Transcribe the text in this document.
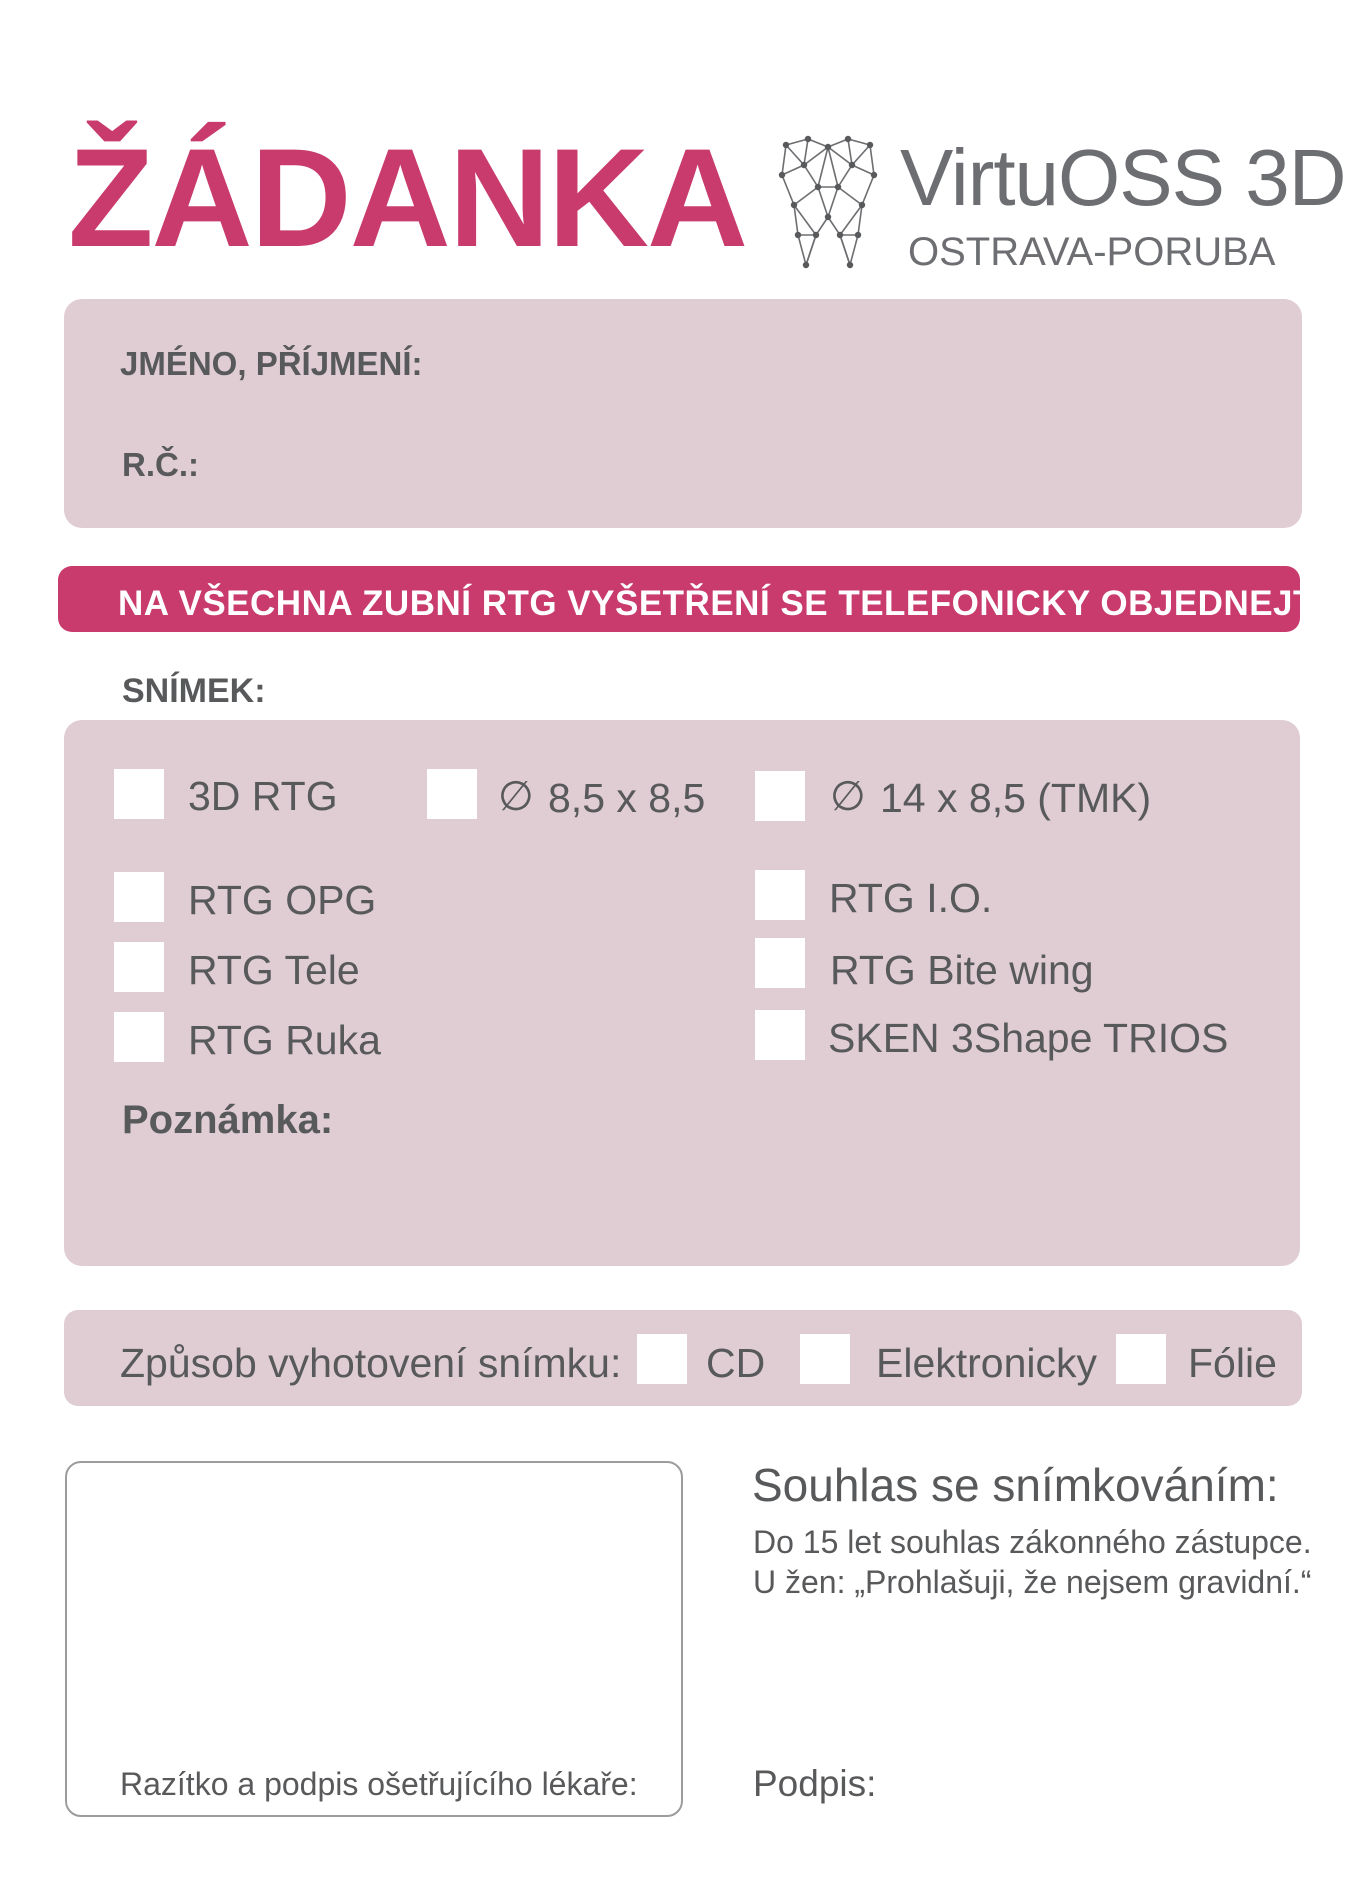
ŽÁDANKA VirtuOSS 3D
OSTRAVA-PORUBA
JMÉNO, PŘÍJMENÍ:
R.Č.:
NA VŠECHNA ZUBNÍ RTG VYŠETŘENÍ SE TELEFONICKY OBJEDNEJTE
SNÍMEK:
3D RTG	∅ 8,5 x 8,5	∅ 14 x 8,5 (TMK)
RTG OPG	RTG I.O.
RTG Tele	RTG Bite wing
RTG Ruka	SKEN 3Shape TRIOS
Poznámka:
Způsob vyhotovení snímku: CD	Elektronicky Fólie
Razítko a podpis ošetřujícího lékaře:
Souhlas se snímkováním:
Do 15 let souhlas zákonného zástupce.
U žen: „Prohlašuji, že nejsem gravidní.“
Podpis:
